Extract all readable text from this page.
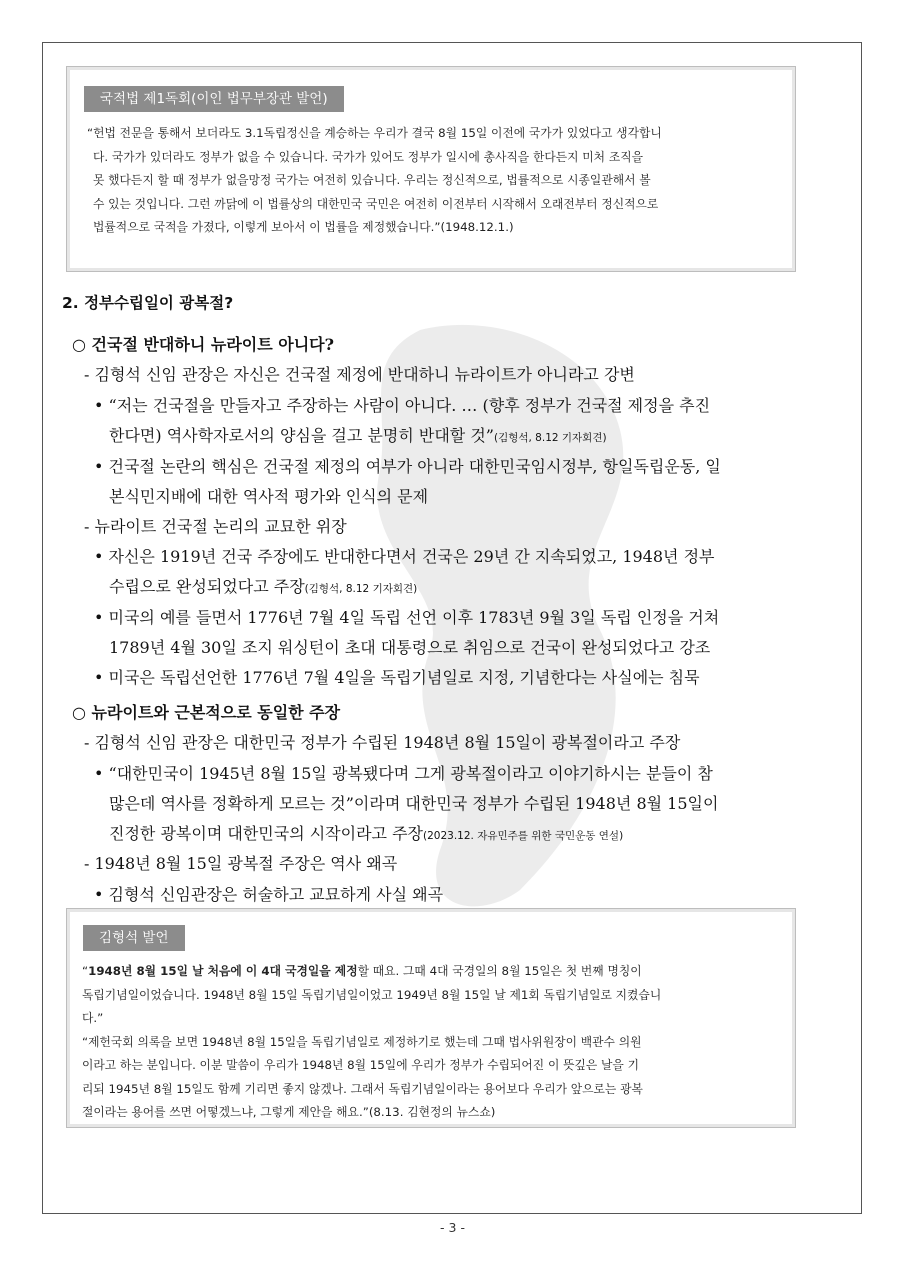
국적법 제1독회(이인 법무부장관 발언)

“헌법 전문을 통해서 보더라도 3.1독립정신을 계승하는 우리가 결국 8월 15일 이전에 국가가 있었다고 생각합니

다. 국가가 있더라도 정부가 없을 수 있습니다. 국가가 있어도 정부가 일시에 총사직을 한다든지 미처 조직을

못 했다든지 할 때 정부가 없을망정 국가는 여전히 있습니다. 우리는 정신적으로, 법률적으로 시종일관해서 볼

수 있는 것입니다. 그런 까닭에 이 법률상의 대한민국 국민은 여전히 이전부터 시작해서 오래전부터 정신적으로

법률적으로 국적을 가졌다, 이렇게 보아서 이 법률을 제정했습니다.”(1948.12.1.)

2. 정부수립일이 광복절?
○ 건국절 반대하니 뉴라이트 아니다?
- 김형석 신임 관장은 자신은 건국절 제정에 반대하니 뉴라이트가 아니라고 강변
• “저는 건국절을 만들자고 주장하는 사람이 아니다. … (향후 정부가 건국절 제정을 추진
한다면) 역사학자로서의 양심을 걸고 분명히 반대할 것”(김형석, 8.12 기자회견)
• 건국절 논란의 핵심은 건국절 제정의 여부가 아니라 대한민국임시정부, 항일독립운동, 일
본식민지배에 대한 역사적 평가와 인식의 문제
- 뉴라이트 건국절 논리의 교묘한 위장
• 자신은 1919년 건국 주장에도 반대한다면서 건국은 29년 간 지속되었고, 1948년 정부
수립으로 완성되었다고 주장(김형석, 8.12 기자회견)
• 미국의 예를 들면서 1776년 7월 4일 독립 선언 이후 1783년 9월 3일 독립 인정을 거쳐
1789년 4월 30일 조지 워싱턴이 초대 대통령으로 취임으로 건국이 완성되었다고 강조
• 미국은 독립선언한 1776년 7월 4일을 독립기념일로 지정, 기념한다는 사실에는 침묵
○ 뉴라이트와 근본적으로 동일한 주장
- 김형석 신임 관장은 대한민국 정부가 수립된 1948년 8월 15일이 광복절이라고 주장
• “대한민국이 1945년 8월 15일 광복됐다며 그게 광복절이라고 이야기하시는 분들이 참
많은데 역사를 정확하게 모르는 것”이라며 대한민국 정부가 수립된 1948년 8월 15일이
진정한 광복이며 대한민국의 시작이라고 주장(2023.12. 자유민주를 위한 국민운동 연설)
- 1948년 8월 15일 광복절 주장은 역사 왜곡
• 김형석 신임관장은 허술하고 교묘하게 사실 왜곡
김형석 발언

“1948년 8월 15일 날 처음에 이 4대 국경일을 제정할 때요. 그때 4대 국경일의 8월 15일은 첫 번째 명칭이

독립기념일이었습니다. 1948년 8월 15일 독립기념일이었고 1949년 8월 15일 날 제1회 독립기념일로 지켰습니

다.”

“제헌국회 의록을 보면 1948년 8월 15일을 독립기념일로 제정하기로 했는데 그때 법사위원장이 백관수 의원

이라고 하는 분입니다. 이분 말씀이 우리가 1948년 8월 15일에 우리가 정부가 수립되어진 이 뜻깊은 날을 기

리되 1945년 8월 15일도 함께 기리면 좋지 않겠나. 그래서 독립기념일이라는 용어보다 우리가 앞으로는 광복

절이라는 용어를 쓰면 어떻겠느냐, 그렇게 제안을 해요.”(8.13. 김현정의 뉴스쇼)

- 3 -
